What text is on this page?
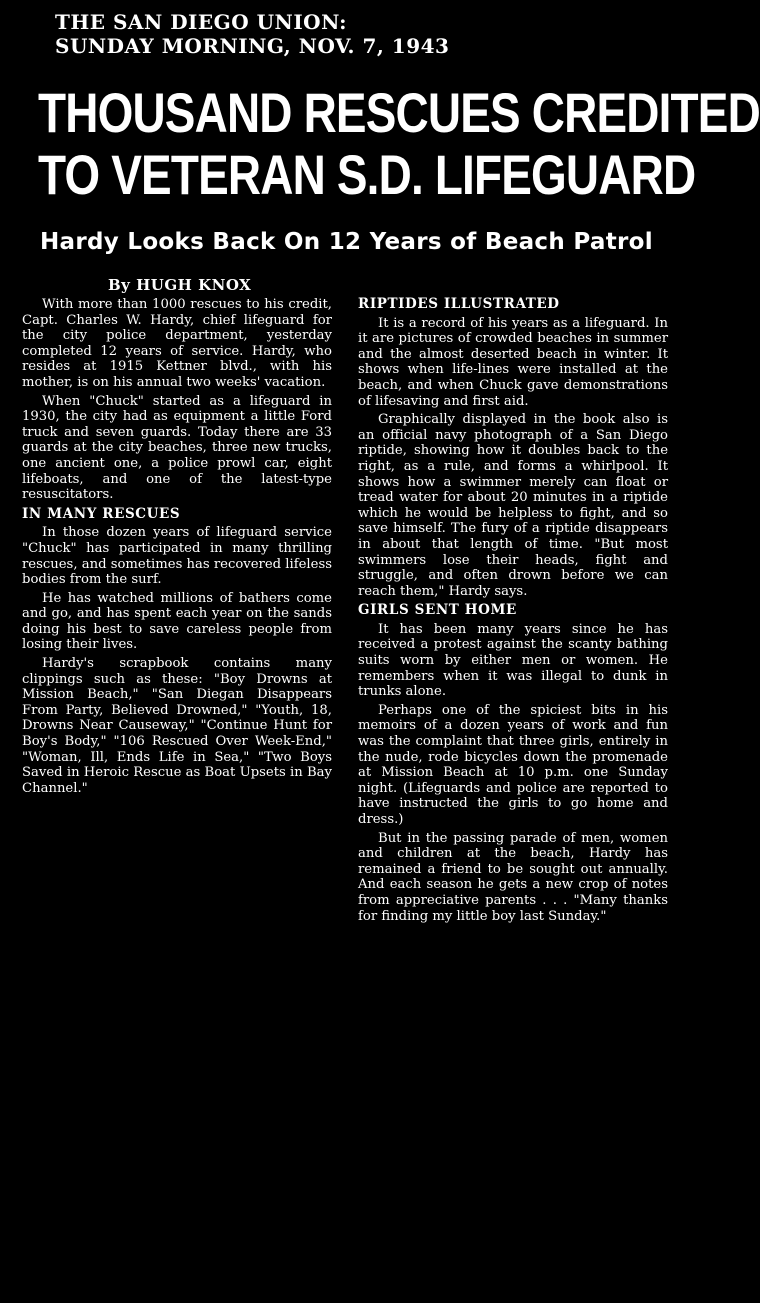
THE SAN DIEGO UNION:
SUNDAY MORNING, NOV. 7, 1943
THOUSAND RESCUES CREDITED
TO VETERAN S.D. LIFEGUARD
Hardy Looks Back On 12 Years of Beach Patrol
By HUGH KNOX

With more than 1000 rescues to his credit, Capt. Charles W. Hardy, chief lifeguard for the city police department, yesterday completed 12 years of service. Hardy, who resides at 1915 Kettner blvd., with his mother, is on his annual two weeks' vacation.

When "Chuck" started as a lifeguard in 1930, the city had as equipment a little Ford truck and seven guards. Today there are 33 guards at the city beaches, three new trucks, one ancient one, a police prowl car, eight lifeboats, and one of the latest-type resuscitators.

IN MANY RESCUES

In those dozen years of lifeguard service "Chuck" has participated in many thrilling rescues, and sometimes has recovered lifeless bodies from the surf.

He has watched millions of bathers come and go, and has spent each year on the sands doing his best to save careless people from losing their lives.

Hardy's scrapbook contains many clippings such as these: "Boy Drowns at Mission Beach," "San Diegan Disappears From Party, Believed Drowned," "Youth, 18, Drowns Near Causeway," "Continue Hunt for Boy's Body," "106 Rescued Over Week-End," "Woman, Ill, Ends Life in Sea," "Two Boys Saved in Heroic Rescue as Boat Upsets in Bay Channel."

RIPTIDES ILLUSTRATED

It is a record of his years as a lifeguard. In it are pictures of crowded beaches in summer and the almost deserted beach in winter. It shows when life-lines were installed at the beach, and when Chuck gave demonstrations of lifesaving and first aid.

Graphically displayed in the book also is an official navy photograph of a San Diego riptide, showing how it doubles back to the right, as a rule, and forms a whirlpool. It shows how a swimmer merely can float or tread water for about 20 minutes in a riptide which he would be helpless to fight, and so save himself. The fury of a riptide disappears in about that length of time. "But most swimmers lose their heads, fight and struggle, and often drown before we can reach them," Hardy says.

GIRLS SENT HOME

It has been many years since he has received a protest against the scanty bathing suits worn by either men or women. He remembers when it was illegal to dunk in trunks alone.

Perhaps one of the spiciest bits in his memoirs of a dozen years of work and fun was the complaint that three girls, entirely in the nude, rode bicycles down the promenade at Mission Beach at 10 p.m. one Sunday night. (Lifeguards and police are reported to have instructed the girls to go home and dress.)

But in the passing parade of men, women and children at the beach, Hardy has remained a friend to be sought out annually. And each season he gets a new crop of notes from appreciative parents . . . "Many thanks for finding my little boy last Sunday."
